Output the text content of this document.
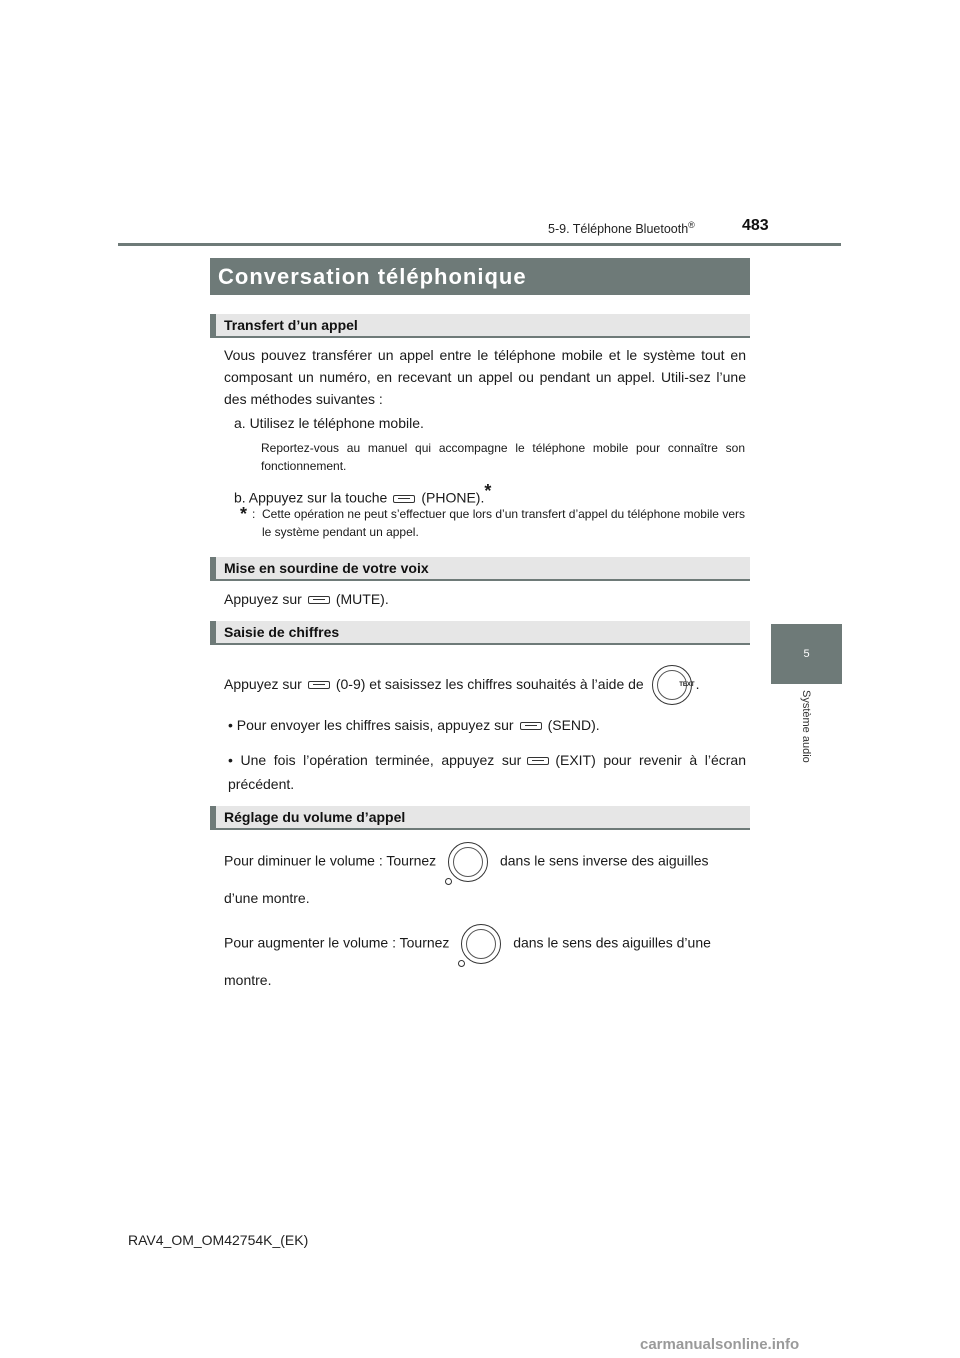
5-9. Téléphone Bluetooth®	483
5
Système audio
Conversation téléphonique
Transfert d’un appel
Vous pouvez transférer un appel entre le téléphone mobile et le système tout en composant un numéro, en recevant un appel ou pendant un appel. Utili-sez l’une des méthodes suivantes :
a. Utilisez le téléphone mobile.
Reportez-vous au manuel qui accompagne le téléphone mobile pour connaître son fonctionnement.
b. Appuyez sur la touche (PHONE).*
* : Cette opération ne peut s’effectuer que lors d’un transfert d’appel du téléphone mobile vers le système pendant un appel.
Mise en sourdine de votre voix
Appuyez sur (MUTE).
Saisie de chiffres
Appuyez sur (0-9) et saisissez les chiffres souhaités à l’aide de	TEXT .
• Pour envoyer les chiffres saisis, appuyez sur (SEND).
• Une fois l’opération terminée, appuyez sur (EXIT) pour revenir à l’écran précédent.
Réglage du volume d’appel
Pour diminuer le volume : Tournez	dans le sens inverse des aiguilles d’une montre.
Pour augmenter le volume : Tournez	dans le sens des aiguilles d’une montre.
RAV4_OM_OM42754K_(EK)
carmanualsonline.info
